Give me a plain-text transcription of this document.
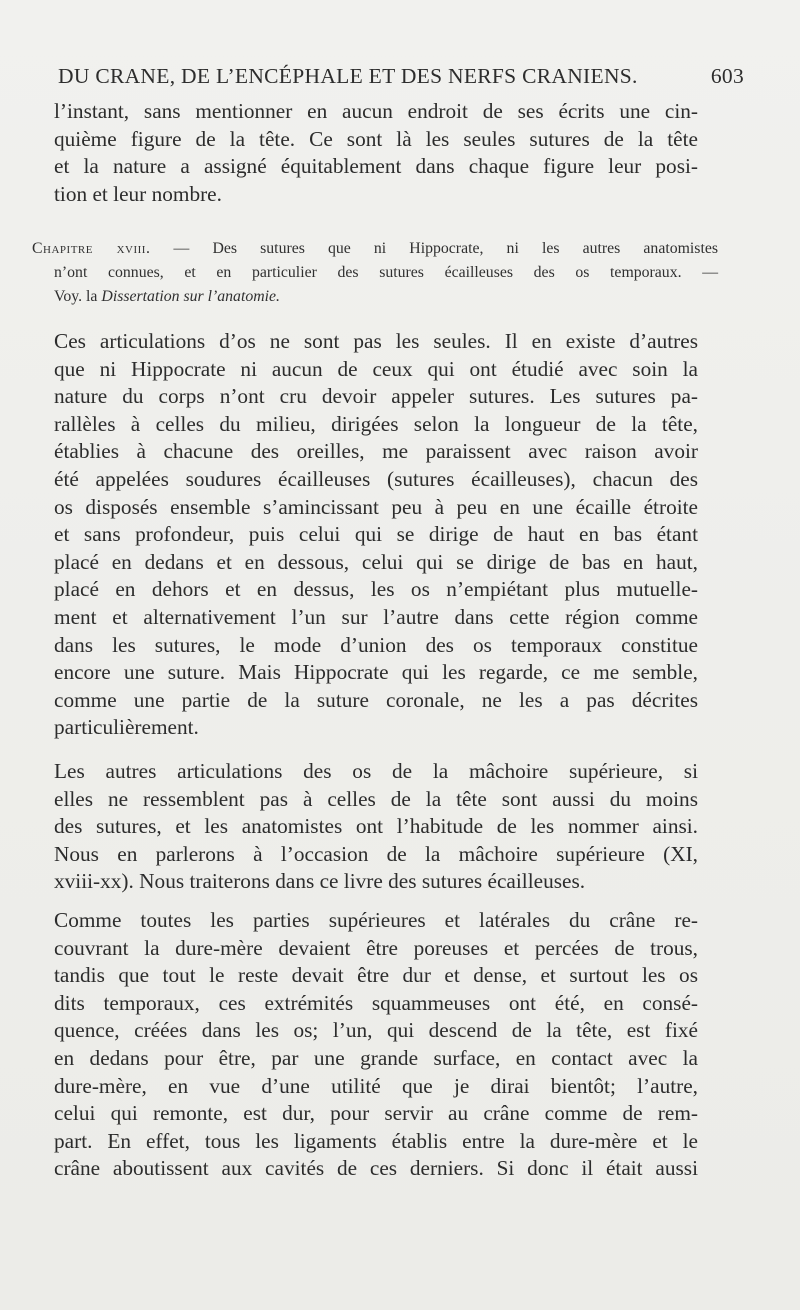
DU CRANE, DE L’ENCÉPHALE ET DES NERFS CRANIENS.	603
l’instant, sans mentionner en aucun endroit de ses écrits une cin-
quième figure de la tête. Ce sont là les seules sutures de la tête
et la nature a assigné équitablement dans chaque figure leur posi-
tion et leur nombre.
Chapitre xviii. — Des sutures que ni Hippocrate, ni les autres anatomistes
n’ont connues, et en particulier des sutures écailleuses des os temporaux. —
Voy. la Dissertation sur l’anatomie.
Ces articulations d’os ne sont pas les seules. Il en existe d’autres
que ni Hippocrate ni aucun de ceux qui ont étudié avec soin la
nature du corps n’ont cru devoir appeler sutures. Les sutures pa-
rallèles à celles du milieu, dirigées selon la longueur de la tête,
établies à chacune des oreilles, me paraissent avec raison avoir
été appelées soudures écailleuses (sutures écailleuses), chacun des
os disposés ensemble s’amincissant peu à peu en une écaille étroite
et sans profondeur, puis celui qui se dirige de haut en bas étant
placé en dedans et en dessous, celui qui se dirige de bas en haut,
placé en dehors et en dessus, les os n’empiétant plus mutuelle-
ment et alternativement l’un sur l’autre dans cette région comme
dans les sutures, le mode d’union des os temporaux constitue
encore une suture. Mais Hippocrate qui les regarde, ce me semble,
comme une partie de la suture coronale, ne les a pas décrites
particulièrement.
Les autres articulations des os de la mâchoire supérieure, si
elles ne ressemblent pas à celles de la tête sont aussi du moins
des sutures, et les anatomistes ont l’habitude de les nommer ainsi.
Nous en parlerons à l’occasion de la mâchoire supérieure (XI,
xviii-xx). Nous traiterons dans ce livre des sutures écailleuses.
Comme toutes les parties supérieures et latérales du crâne re-
couvrant la dure-mère devaient être poreuses et percées de trous,
tandis que tout le reste devait être dur et dense, et surtout les os
dits temporaux, ces extrémités squammeuses ont été, en consé-
quence, créées dans les os; l’un, qui descend de la tête, est fixé
en dedans pour être, par une grande surface, en contact avec la
dure-mère, en vue d’une utilité que je dirai bientôt; l’autre,
celui qui remonte, est dur, pour servir au crâne comme de rem-
part. En effet, tous les ligaments établis entre la dure-mère et le
crâne aboutissent aux cavités de ces derniers. Si donc il était aussi
